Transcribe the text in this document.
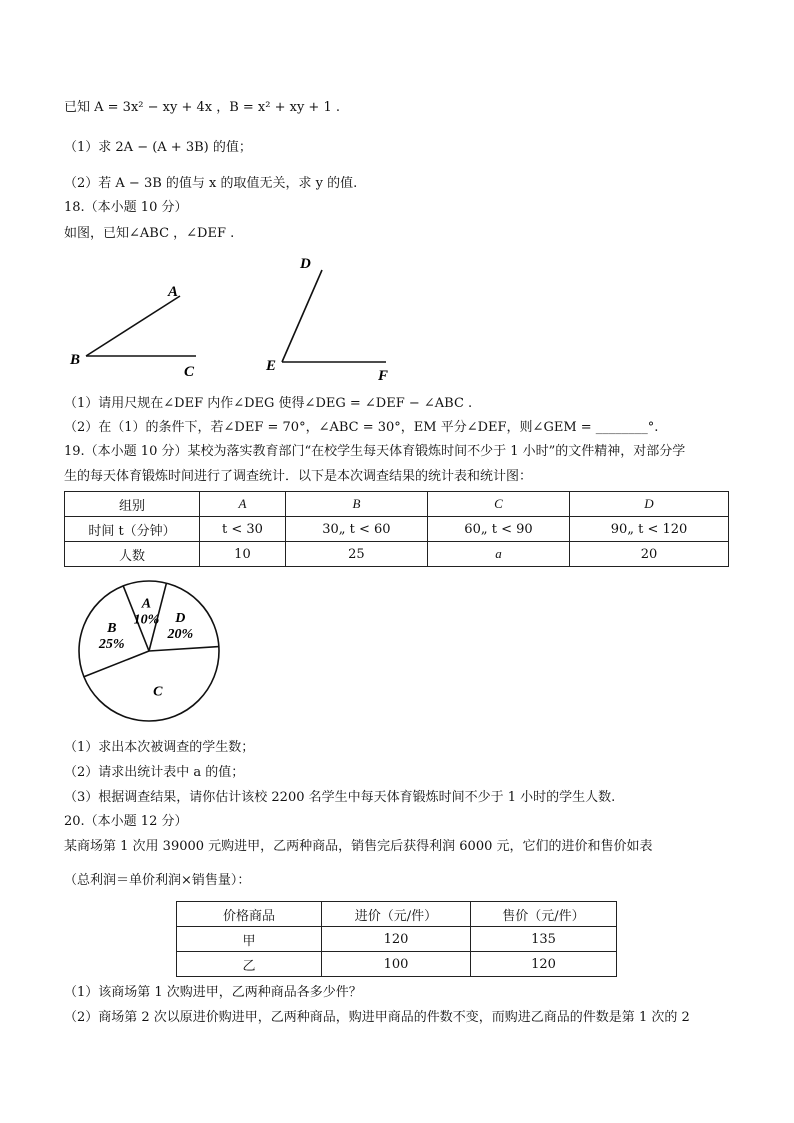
已知 A = 3x² − xy + 4x ，B = x² + xy + 1 .
（1）求 2A − (A + 3B) 的值；
（2）若 A − 3B 的值与 x 的取值无关，求 y 的值.
18.（本小题 10 分）
如图，已知∠ABC ，∠DEF .
A
B
C
D
E
F
（1）请用尺规在∠DEF 内作∠DEG 使得∠DEG = ∠DEF − ∠ABC .
（2）在（1）的条件下，若∠DEF = 70°，∠ABC = 30°，EM 平分∠DEF，则∠GEM = ________°.
19.（本小题 10 分）某校为落实教育部门“在校学生每天体育锻炼时间不少于 1 小时”的文件精神，对部分学
生的每天体育锻炼时间进行了调查统计．以下是本次调查结果的统计表和统计图：
组别	A	B	C	D
时间 t（分钟）	t < 30	30„ t < 60	60„ t < 90	90„ t < 120
人数	10	25	a	20
A
10% D
20%
C
B
25%
（1）求出本次被调查的学生数；
（2）请求出统计表中 a 的值；
（3）根据调查结果，请你估计该校 2200 名学生中每天体育锻炼时间不少于 1 小时的学生人数.
20.（本小题 12 分）
某商场第 1 次用 39000 元购进甲，乙两种商品，销售完后获得利润 6000 元，它们的进价和售价如表
（总利润＝单价利润×销售量）：
价格商品	进价（元/件）	售价（元/件）
甲	120	135
乙	100	120
（1）该商场第 1 次购进甲，乙两种商品各多少件？
（2）商场第 2 次以原进价购进甲，乙两种商品，购进甲商品的件数不变，而购进乙商品的件数是第 1 次的 2
